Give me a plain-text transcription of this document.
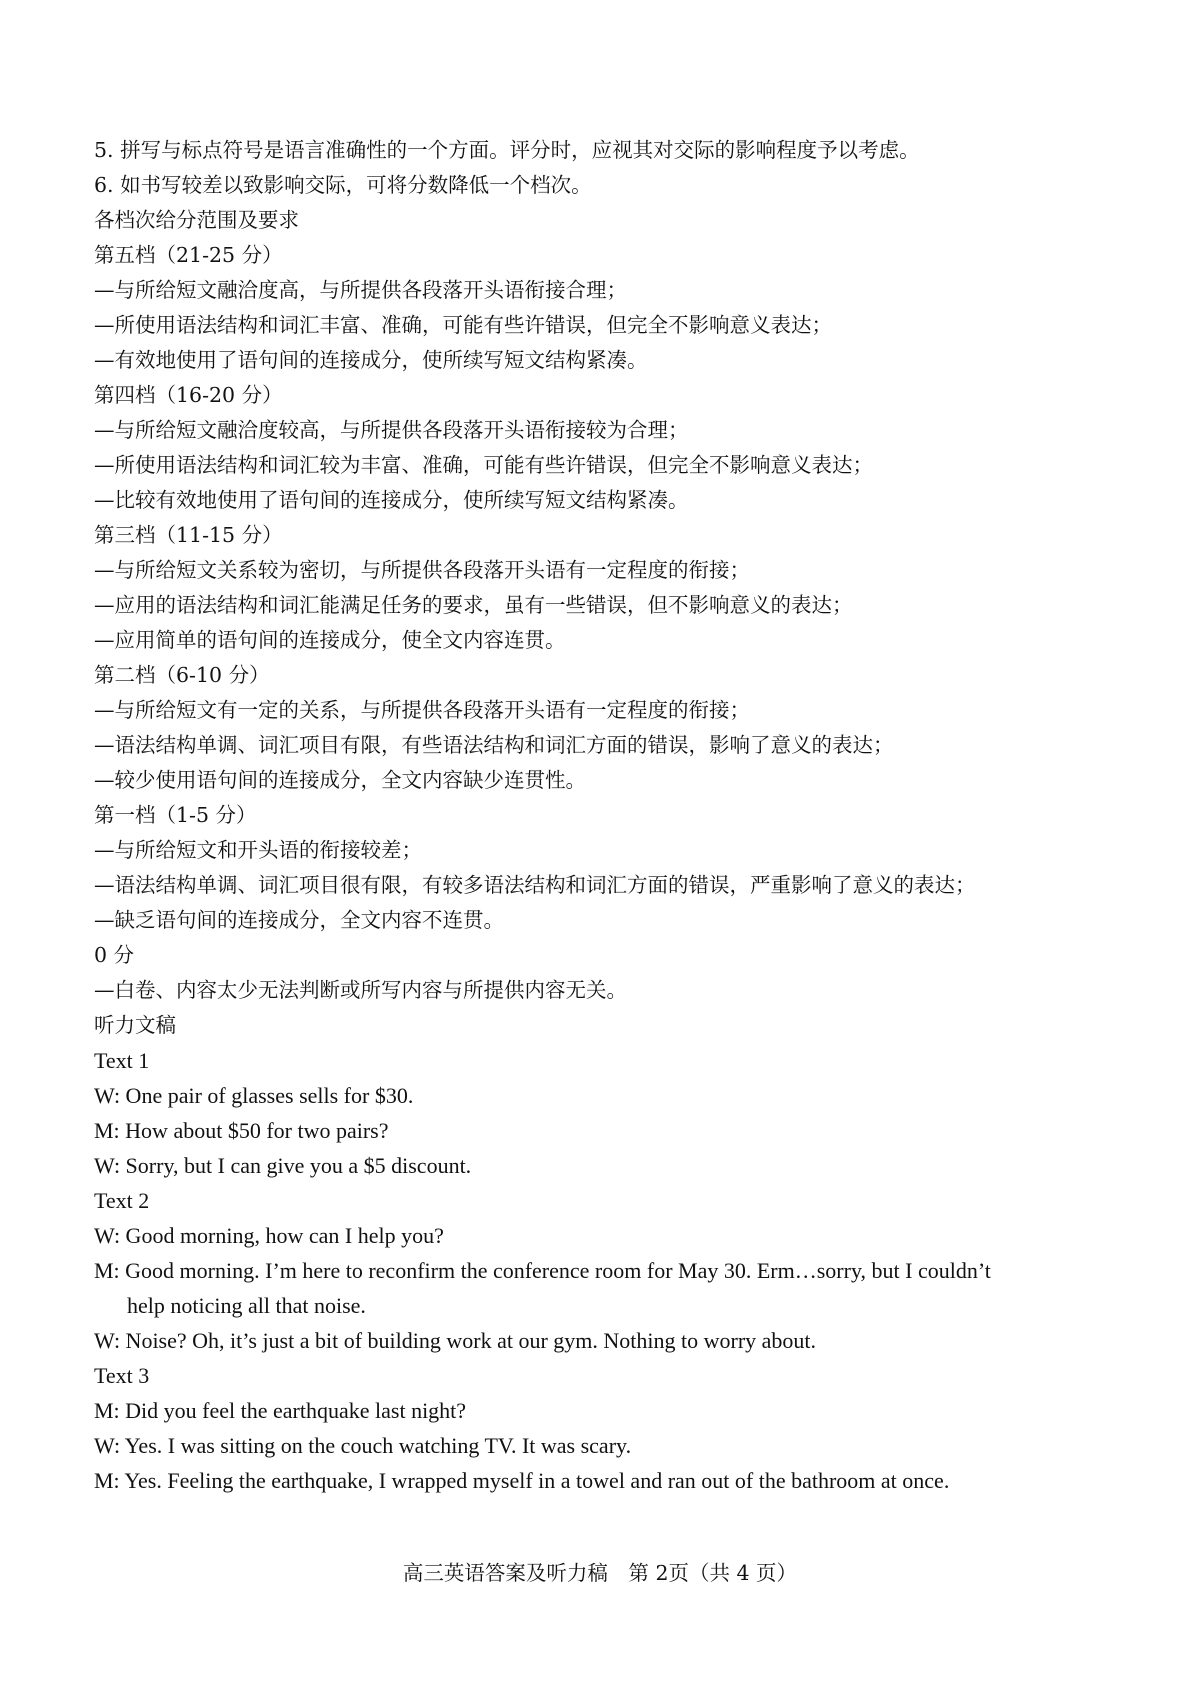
5. 拼写与标点符号是语言准确性的一个方面。评分时，应视其对交际的影响程度予以考虑。
6. 如书写较差以致影响交际，可将分数降低一个档次。
各档次给分范围及要求
第五档（21-25 分）
—与所给短文融洽度高，与所提供各段落开头语衔接合理；
—所使用语法结构和词汇丰富、准确，可能有些许错误，但完全不影响意义表达；
—有效地使用了语句间的连接成分，使所续写短文结构紧凑。
第四档（16-20 分）
—与所给短文融洽度较高，与所提供各段落开头语衔接较为合理；
—所使用语法结构和词汇较为丰富、准确，可能有些许错误，但完全不影响意义表达；
—比较有效地使用了语句间的连接成分，使所续写短文结构紧凑。
第三档（11-15 分）
—与所给短文关系较为密切，与所提供各段落开头语有一定程度的衔接；
—应用的语法结构和词汇能满足任务的要求，虽有一些错误，但不影响意义的表达；
—应用简单的语句间的连接成分，使全文内容连贯。
第二档（6-10 分）
—与所给短文有一定的关系，与所提供各段落开头语有一定程度的衔接；
—语法结构单调、词汇项目有限，有些语法结构和词汇方面的错误，影响了意义的表达；
—较少使用语句间的连接成分，全文内容缺少连贯性。
第一档（1-5 分）
—与所给短文和开头语的衔接较差；
—语法结构单调、词汇项目很有限，有较多语法结构和词汇方面的错误，严重影响了意义的表达；
—缺乏语句间的连接成分，全文内容不连贯。
0 分
—白卷、内容太少无法判断或所写内容与所提供内容无关。
听力文稿
Text 1
W: One pair of glasses sells for $30.
M: How about $50 for two pairs?
W: Sorry, but I can give you a $5 discount.
Text 2
W: Good morning, how can I help you?
M: Good morning. I’m here to reconfirm the conference room for May 30. Erm…sorry, but I couldn’t
help noticing all that noise.
W: Noise? Oh, it’s just a bit of building work at our gym. Nothing to worry about.
Text 3
M: Did you feel the earthquake last night?
W: Yes. I was sitting on the couch watching TV. It was scary.
M: Yes. Feeling the earthquake, I wrapped myself in a towel and ran out of the bathroom at once.
高三英语答案及听力稿　第 2页（共 4 页）
